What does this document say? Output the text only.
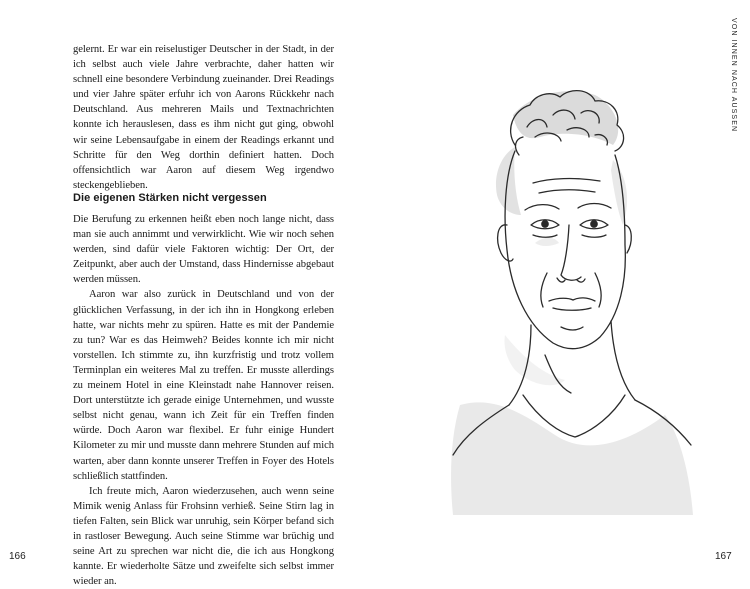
gelernt. Er war ein reiselustiger Deutscher in der Stadt, in der ich selbst auch viele Jahre verbrachte, daher hatten wir schnell eine besondere Verbindung zueinander. Drei Readings und vier Jahre später erfuhr ich von Aarons Rückkehr nach Deutschland. Aus mehreren Mails und Textnachrichten konnte ich herauslesen, dass es ihm nicht gut ging, obwohl wir seine Lebensaufgabe in einem der Readings erkannt und Schritte für den Weg dorthin definiert hatten. Doch offensichtlich war Aaron auf diesem Weg irgendwo steckengeblieben.

Die eigenen Stärken nicht vergessen

Die Berufung zu erkennen heißt eben noch lange nicht, dass man sie auch annimmt und verwirklicht. Wie wir noch sehen werden, sind dafür viele Faktoren wichtig: Der Ort, der Zeitpunkt, aber auch der Umstand, dass Hindernisse abgebaut werden müssen.

Aaron war also zurück in Deutschland und von der glücklichen Verfassung, in der ich ihn in Hongkong erleben hatte, war nichts mehr zu spüren. Hatte es mit der Pandemie zu tun? War es das Heimweh? Beides konnte ich mir nicht vorstellen. Ich stimmte zu, ihn kurzfristig und trotz vollem Terminplan ein weiteres Mal zu treffen. Er musste allerdings zu meinem Hotel in eine Kleinstadt nahe Hannover reisen. Dort unterstützte ich gerade einige Unternehmen, und wusste selbst nicht genau, wann ich Zeit für ein Treffen finden würde. Doch Aaron war flexibel. Er fuhr einige Hundert Kilometer zu mir und musste dann mehrere Stunden auf mich warten, aber dann konnte unserer Treffen in Foyer des Hotels schließlich stattfinden.

Ich freute mich, Aaron wiederzusehen, auch wenn seine Mimik wenig Anlass für Frohsinn verhieß. Seine Stirn lag in tiefen Falten, sein Blick war unruhig, sein Körper befand sich in rastloser Bewegung. Auch seine Stimme war brüchig und seine Art zu sprechen war nicht die, die ich aus Hongkong kannte. Er wiederholte Sätze und zweifelte sich selbst immer wieder an.

166
VON INNEN NACH AUSSEN
167
